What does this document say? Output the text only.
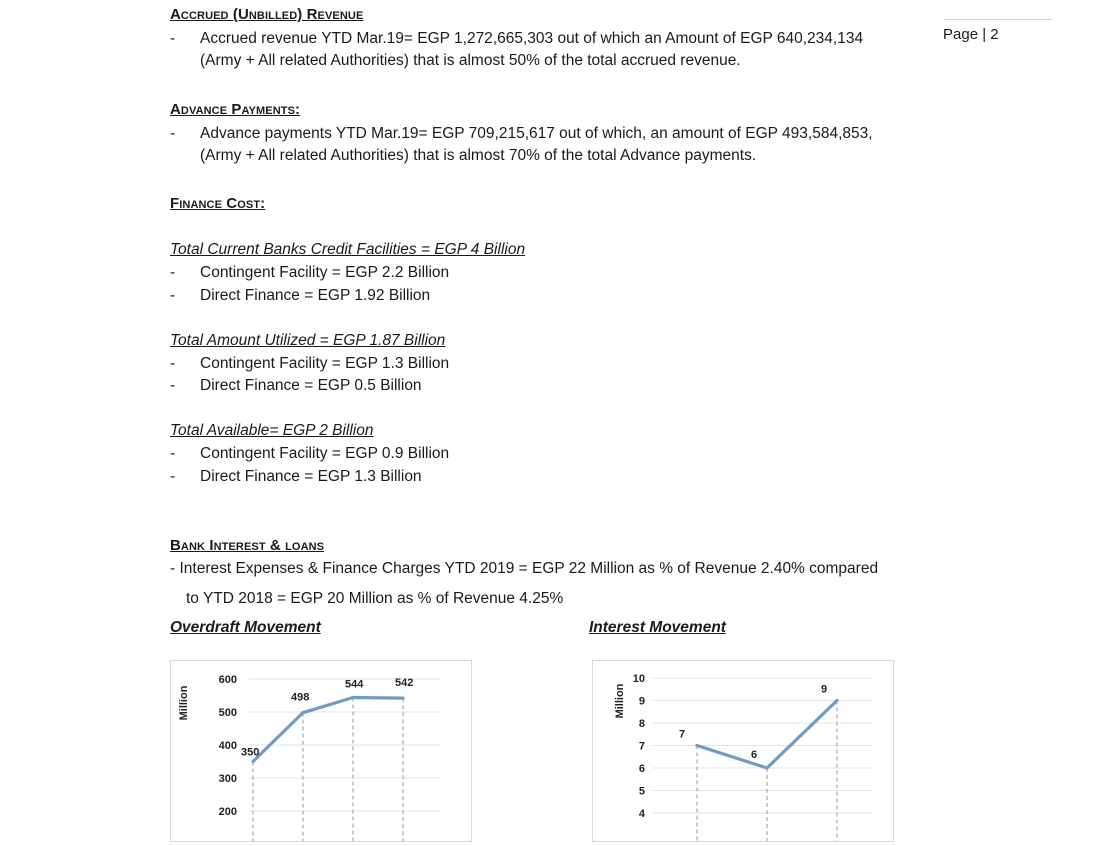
Page | 2
Accrued (Unbilled) Revenue
- Accrued revenue YTD Mar.19= EGP 1,272,665,303 out of which an Amount of EGP 640,234,134
(Army + All related Authorities) that is almost 50% of the total accrued revenue.
Advance Payments:
- Advance payments YTD Mar.19= EGP 709,215,617 out of which, an amount of EGP 493,584,853,
(Army + All related Authorities) that is almost 70% of the total Advance payments.
Finance Cost:
Total Current Banks Credit Facilities = EGP 4 Billion
- Contingent Facility = EGP 2.2 Billion
- Direct Finance = EGP 1.92 Billion
Total Amount Utilized = EGP 1.87 Billion
- Contingent Facility = EGP 1.3 Billion
- Direct Finance = EGP 0.5 Billion
Total Available= EGP 2 Billion
- Contingent Facility = EGP 0.9 Billion
- Direct Finance = EGP 1.3 Billion
Bank Interest & loans
- Interest Expenses & Finance Charges YTD 2019 = EGP 22 Million as % of Revenue 2.40% compared
to YTD 2018 = EGP 20 Million as % of Revenue 4.25%
Overdraft Movement	Interest Movement
200
300
400
500
600
Million
350
498
544	542
4
5
6
7
8
9
10
Million
7
6
9
